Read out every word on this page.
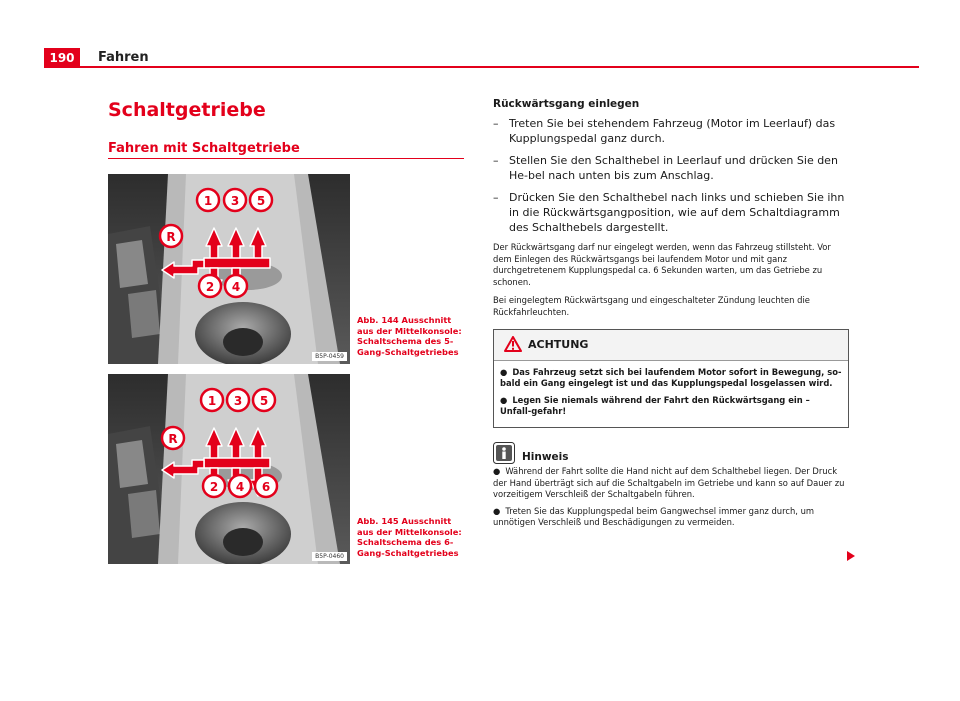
190	Fahren
Schaltgetriebe
Fahren mit Schaltgetriebe
1 3 5
R
2 4
B5P-0459
Abb. 144 Ausschnitt aus der Mittelkonsole: Schaltschema des 5-Gang-Schaltgetriebes
1 3 5
R
2 4 6
B5P-0460
Abb. 145 Ausschnitt aus der Mittelkonsole: Schaltschema des 6-Gang-Schaltgetriebes
Rückwärtsgang einlegen
– Treten Sie bei stehendem Fahrzeug (Motor im Leerlauf) das Kupplungspedal ganz durch.
– Stellen Sie den Schalthebel in Leerlauf und drücken Sie den He-bel nach unten bis zum Anschlag.
– Drücken Sie den Schalthebel nach links und schieben Sie ihn in die Rückwärtsgangposition, wie auf dem Schaltdiagramm des Schalthebels dargestellt.

Der Rückwärtsgang darf nur eingelegt werden, wenn das Fahrzeug stillsteht. Vor dem Einlegen des Rückwärtsgangs bei laufendem Motor und mit ganz durchgetretenem Kupplungspedal ca. 6 Sekunden warten, um das Getriebe zu schonen.

Bei eingelegtem Rückwärtsgang und eingeschalteter Zündung leuchten die Rückfahrleuchten.

ACHTUNG
● Das Fahrzeug setzt sich bei laufendem Motor sofort in Bewegung, so-bald ein Gang eingelegt ist und das Kupplungspedal losgelassen wird.
● Legen Sie niemals während der Fahrt den Rückwärtsgang ein – Unfall-gefahr!
Hinweis
● Während der Fahrt sollte die Hand nicht auf dem Schalthebel liegen. Der Druck der Hand überträgt sich auf die Schaltgabeln im Getriebe und kann so auf Dauer zu vorzeitigem Verschleiß der Schaltgabeln führen.
● Treten Sie das Kupplungspedal beim Gangwechsel immer ganz durch, um unnötigen Verschleiß und Beschädigungen zu vermeiden.
